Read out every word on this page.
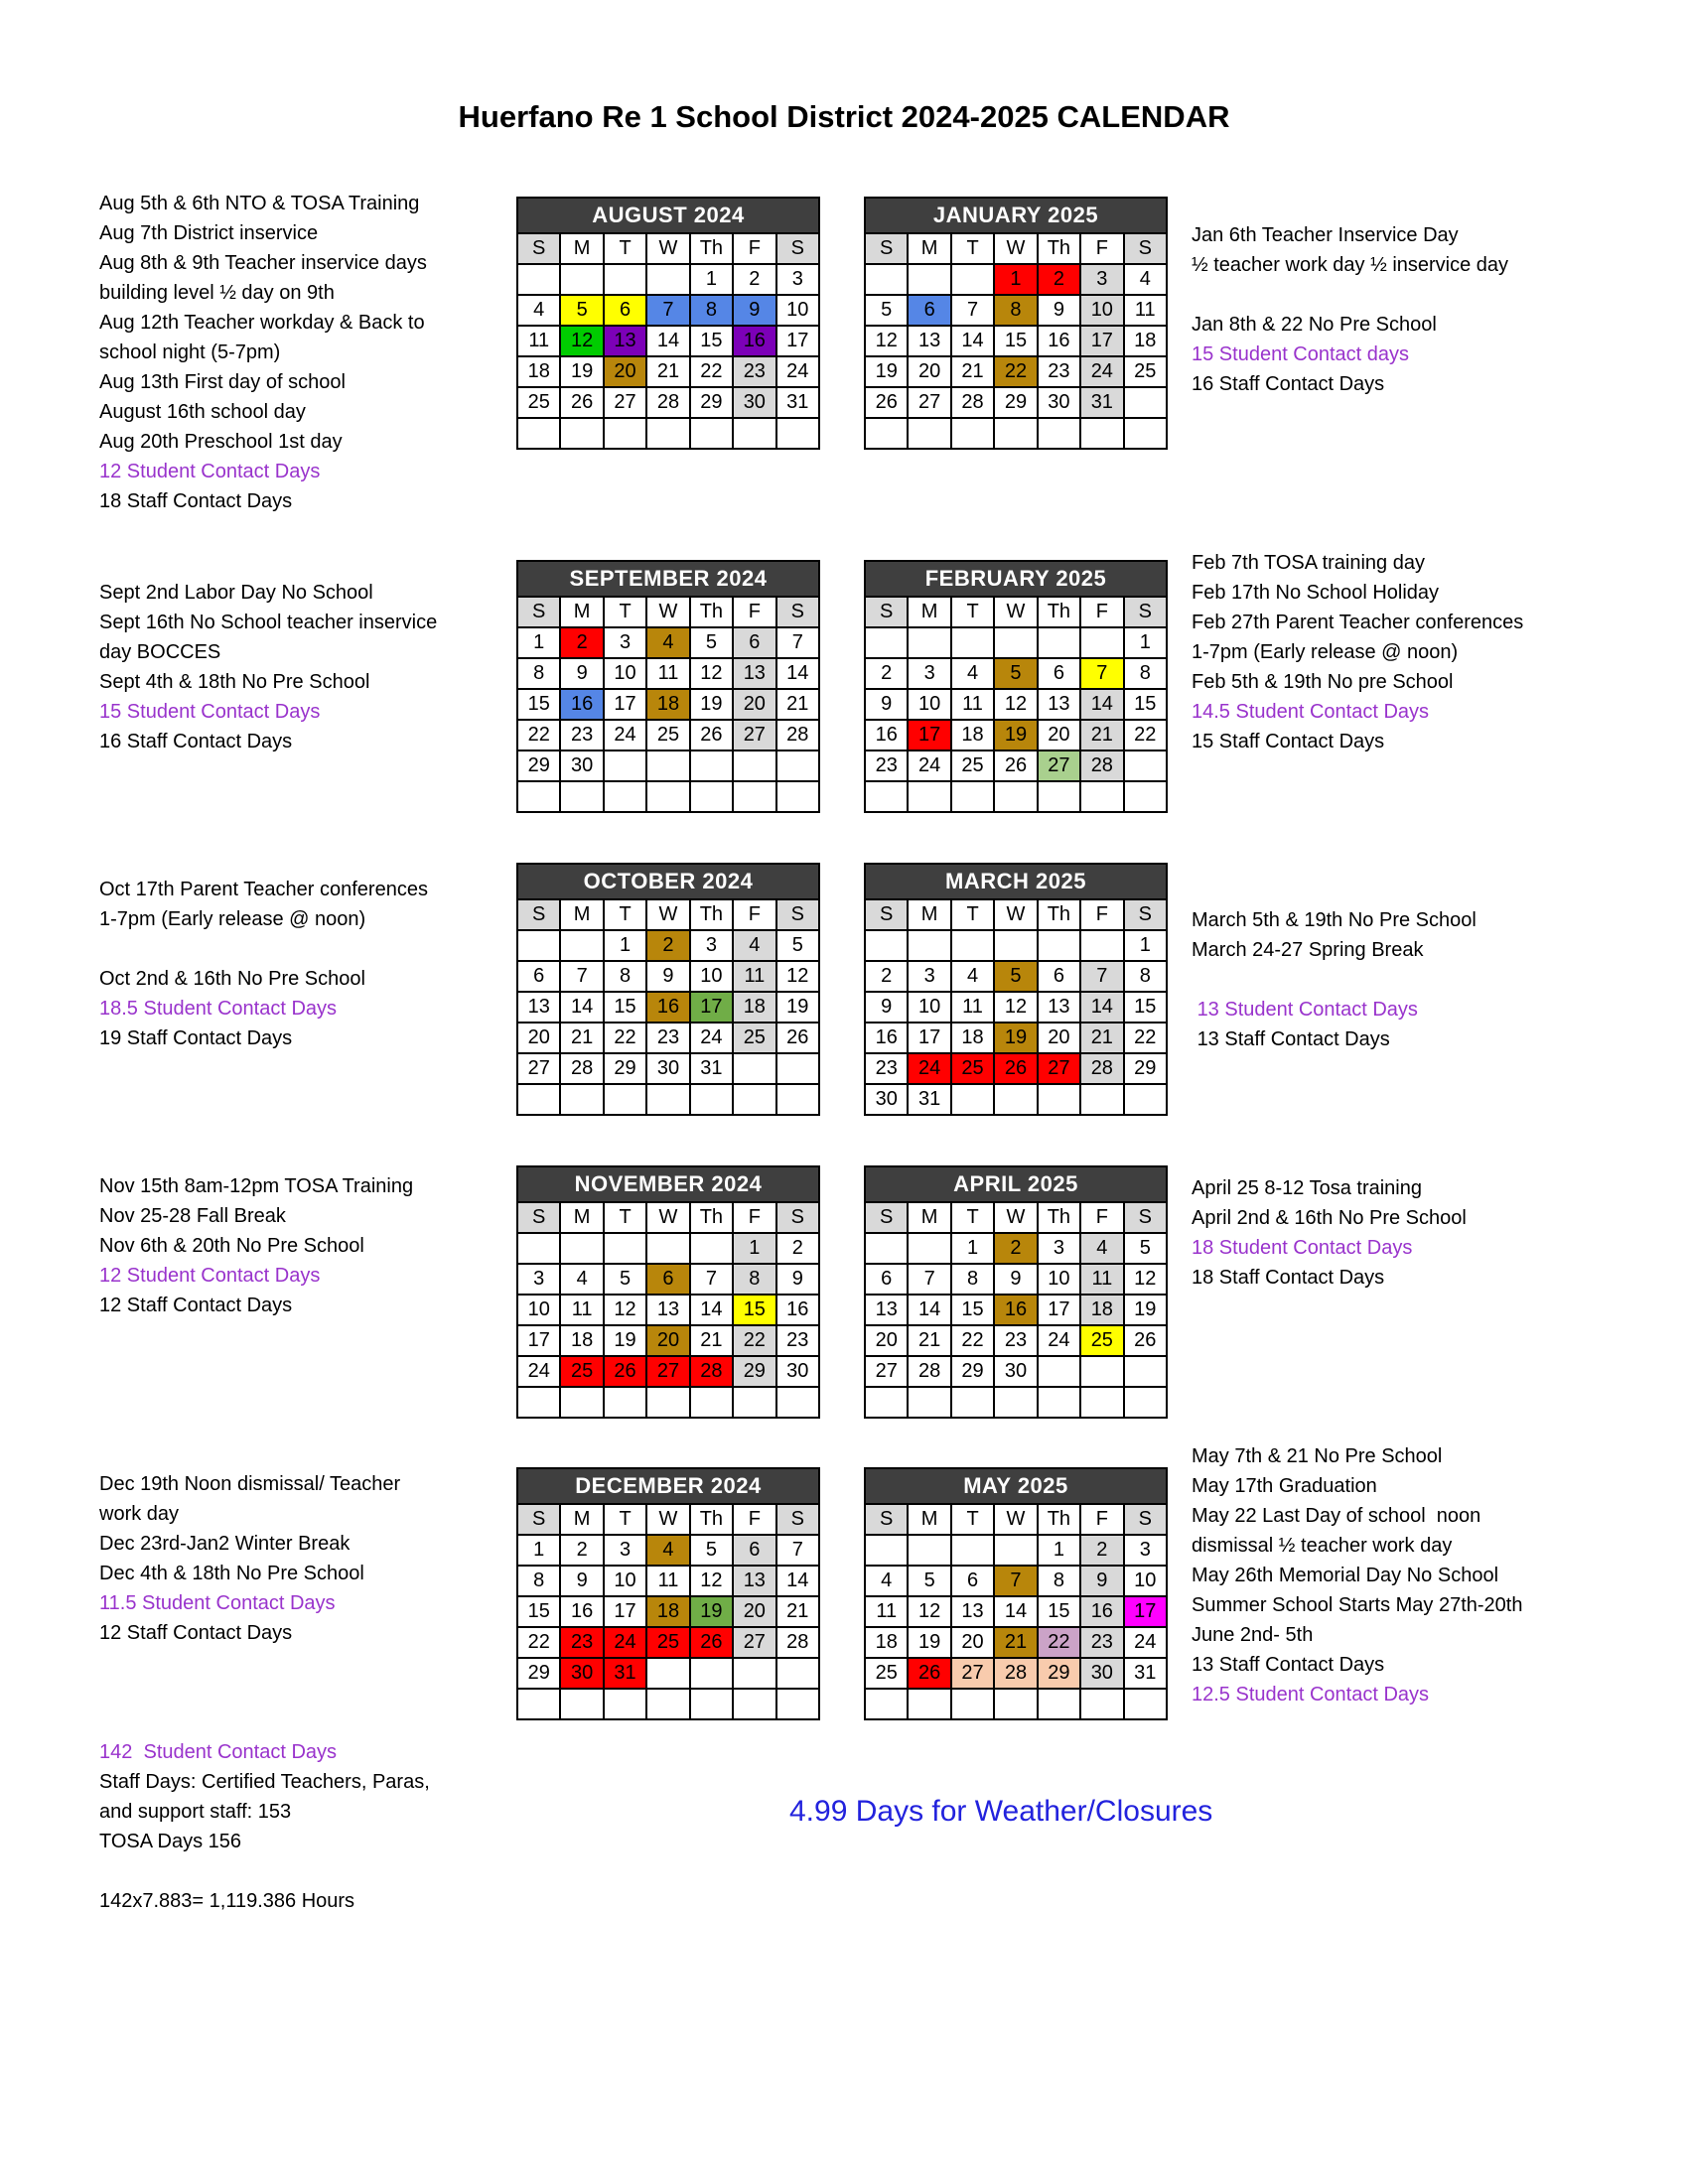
Huerfano Re 1 School District 2024-2025 CALENDAR
AUGUST 2024						
S	M	T	W	Th	F	S
				1	2	3
4	5	6	7	8	9	10
11	12	13	14	15	16	17
18	19	20	21	22	23	24
25	26	27	28	29	30	31

JANUARY 2025						
S	M	T	W	Th	F	S
			1	2	3	4
5	6	7	8	9	10	11
12	13	14	15	16	17	18
19	20	21	22	23	24	25
26	27	28	29	30	31	

SEPTEMBER 2024						
S	M	T	W	Th	F	S
1	2	3	4	5	6	7
8	9	10	11	12	13	14
15	16	17	18	19	20	21
22	23	24	25	26	27	28
29	30					

FEBRUARY 2025						
S	M	T	W	Th	F	S
						1
2	3	4	5	6	7	8
9	10	11	12	13	14	15
16	17	18	19	20	21	22
23	24	25	26	27	28	

OCTOBER 2024						
S	M	T	W	Th	F	S
		1	2	3	4	5
6	7	8	9	10	11	12
13	14	15	16	17	18	19
20	21	22	23	24	25	26
27	28	29	30	31		

MARCH 2025						
S	M	T	W	Th	F	S
						1
2	3	4	5	6	7	8
9	10	11	12	13	14	15
16	17	18	19	20	21	22
23	24	25	26	27	28	29
30	31					
NOVEMBER 2024						
S	M	T	W	Th	F	S
					1	2
3	4	5	6	7	8	9
10	11	12	13	14	15	16
17	18	19	20	21	22	23
24	25	26	27	28	29	30

APRIL 2025						
S	M	T	W	Th	F	S
		1	2	3	4	5
6	7	8	9	10	11	12
13	14	15	16	17	18	19
20	21	22	23	24	25	26
27	28	29	30			

DECEMBER 2024						
S	M	T	W	Th	F	S
1	2	3	4	5	6	7
8	9	10	11	12	13	14
15	16	17	18	19	20	21
22	23	24	25	26	27	28
29	30	31				

MAY 2025						
S	M	T	W	Th	F	S
				1	2	3
4	5	6	7	8	9	10
11	12	13	14	15	16	17
18	19	20	21	22	23	24
25	26	27	28	29	30	31

Aug 5th & 6th NTO & TOSA Training
Aug 7th District inservice
Aug 8th & 9th Teacher inservice days
building level ½ day on 9th
Aug 12th Teacher workday & Back to
school night (5-7pm)
Aug 13th First day of school
August 16th school day
Aug 20th Preschool 1st day
12 Student Contact Days
18 Staff Contact Days
Sept 2nd Labor Day No School
Sept 16th No School teacher inservice
day BOCCES
Sept 4th & 18th No Pre School
15 Student Contact Days
16 Staff Contact Days
Oct 17th Parent Teacher conferences
1-7pm (Early release @ noon)

Oct 2nd & 16th No Pre School
18.5 Student Contact Days
19 Staff Contact Days
Nov 15th 8am-12pm TOSA Training
Nov 25-28 Fall Break
Nov 6th & 20th No Pre School
12 Student Contact Days
12 Staff Contact Days
Dec 19th Noon dismissal/ Teacher
work day
Dec 23rd-Jan2 Winter Break
Dec 4th & 18th No Pre School
11.5 Student Contact Days
12 Staff Contact Days
142  Student Contact Days
Staff Days: Certified Teachers, Paras,
and support staff: 153
TOSA Days 156

142x7.883= 1,119.386 Hours
Jan 6th Teacher Inservice Day
½ teacher work day ½ inservice day

Jan 8th & 22 No Pre School
15 Student Contact days
16 Staff Contact Days
Feb 7th TOSA training day
Feb 17th No School Holiday
Feb 27th Parent Teacher conferences
1-7pm (Early release @ noon)
Feb 5th & 19th No pre School
14.5 Student Contact Days
15 Staff Contact Days
March 5th & 19th No Pre School
March 24-27 Spring Break

13 Student Contact Days
13 Staff Contact Days
April 25 8-12 Tosa training
April 2nd & 16th No Pre School
18 Student Contact Days
18 Staff Contact Days
May 7th & 21 No Pre School
May 17th Graduation
May 22 Last Day of school  noon
dismissal ½ teacher work day
May 26th Memorial Day No School
Summer School Starts May 27th-20th
June 2nd- 5th
13 Staff Contact Days
12.5 Student Contact Days
4.99 Days for Weather/Closures
